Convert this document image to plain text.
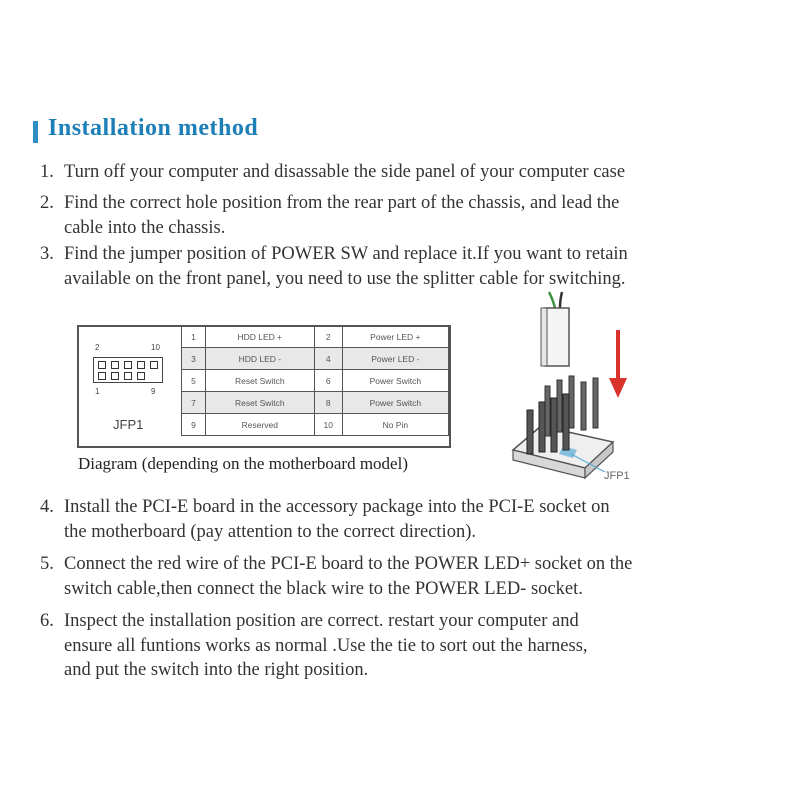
Installation method
1. Turn off your computer and disassable the side panel of your computer case
2. Find the correct hole position from the rear part of the chassis, and lead the
cable into the chassis.
3. Find the jumper position of POWER SW and replace it.If you want to retain
available on the front panel, you need to use the splitter cable for switching.
2	10
1	9
JFP1
1	HDD LED +	2	Power LED +
3	HDD LED -	4	Power LED -
5	Reset Switch	6	Power Switch
7	Reset Switch	8	Power Switch
9	Reserved	10	No Pin
Diagram (depending on the motherboard model)
JFP1
4. Install the PCI-E board in the accessory package into the PCI-E socket on
the motherboard (pay attention to the correct direction).
5. Connect the red wire of the PCI-E board to the POWER LED+ socket on the
switch cable,then connect the black wire to the POWER LED- socket.
6. Inspect the installation position are correct. restart your computer and
ensure all funtions works as normal .Use the tie to sort out the harness,
and put the switch into the right position.
